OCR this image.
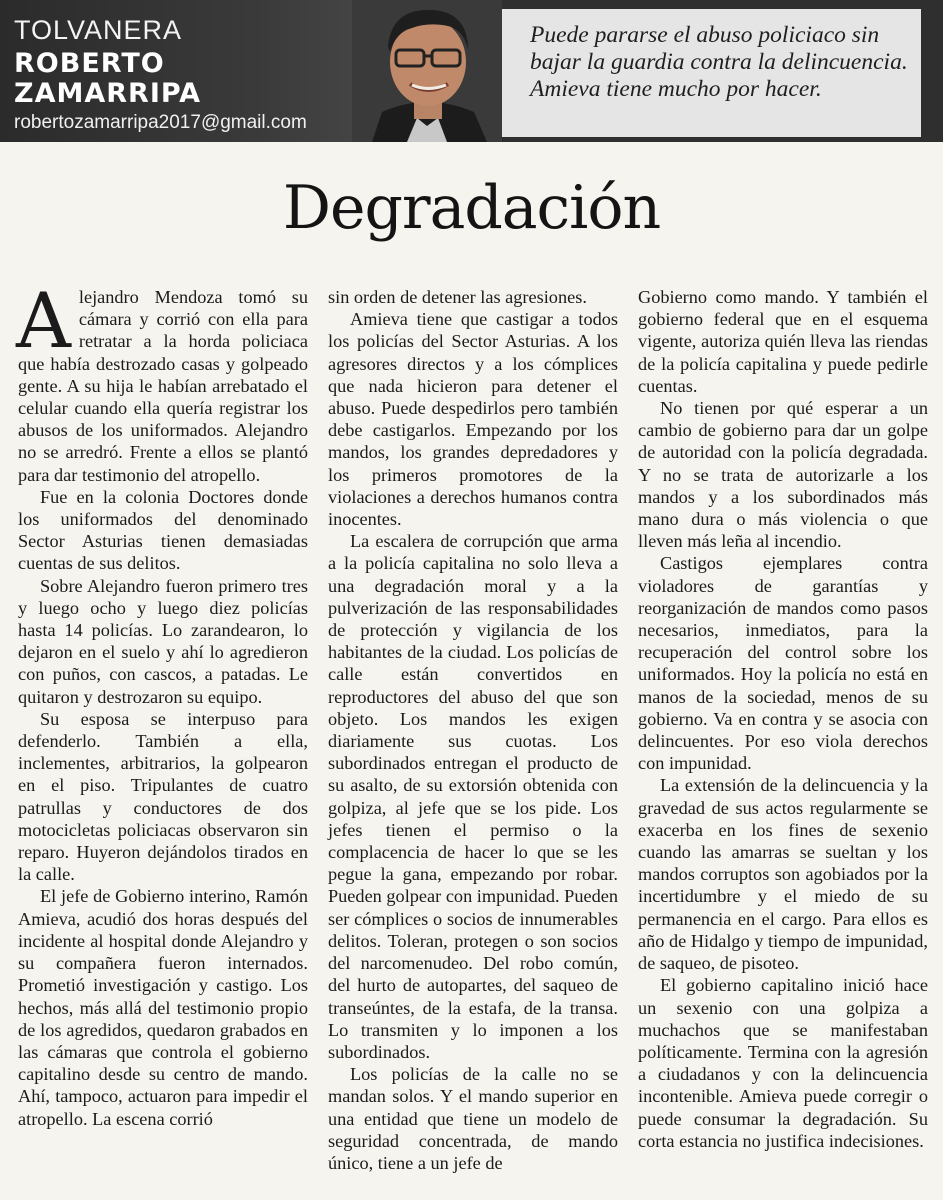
TOLVANERA
ROBERTO
ZAMARRIPA
robertozamarripa2017@gmail.com
Puede pararse el abuso policiaco sin bajar la guardia contra la delincuencia. Amieva tiene mucho por hacer.
Degradación

Alejandro Mendoza tomó su cámara y corrió con ella para retratar a la horda policiaca que había destrozado casas y golpeado gente. A su hija le habían arrebatado el celular cuando ella quería registrar los abusos de los uniformados. Alejandro no se arredró. Frente a ellos se plantó para dar testimonio del atropello.

Fue en la colonia Doctores donde los uniformados del denominado Sector Asturias tienen demasiadas cuentas de sus delitos.

Sobre Alejandro fueron primero tres y luego ocho y luego diez policías hasta 14 policías. Lo zarandearon, lo dejaron en el suelo y ahí lo agredieron con puños, con cascos, a patadas. Le quitaron y destrozaron su equipo.

Su esposa se interpuso para defenderlo. También a ella, inclementes, arbitrarios, la golpearon en el piso. Tripulantes de cuatro patrullas y conductores de dos motocicletas policiacas observaron sin reparo. Huyeron dejándolos tirados en la calle.

El jefe de Gobierno interino, Ramón Amieva, acudió dos horas después del incidente al hospital donde Alejandro y su compañera fueron internados. Prometió investigación y castigo. Los hechos, más allá del testimonio propio de los agredidos, quedaron grabados en las cámaras que controla el gobierno capitalino desde su centro de mando. Ahí, tampoco, actuaron para impedir el atropello. La escena corrió

sin orden de detener las agresiones.

Amieva tiene que castigar a todos los policías del Sector Asturias. A los agresores directos y a los cómplices que nada hicieron para detener el abuso. Puede despedirlos pero también debe castigarlos. Empezando por los mandos, los grandes depredadores y los primeros promotores de la violaciones a derechos humanos contra inocentes.

La escalera de corrupción que arma a la policía capitalina no solo lleva a una degradación moral y a la pulverización de las responsabilidades de protección y vigilancia de los habitantes de la ciudad. Los policías de calle están convertidos en reproductores del abuso del que son objeto. Los mandos les exigen diariamente sus cuotas. Los subordinados entregan el producto de su asalto, de su extorsión obtenida con golpiza, al jefe que se los pide. Los jefes tienen el permiso o la complacencia de hacer lo que se les pegue la gana, empezando por robar. Pueden golpear con impunidad. Pueden ser cómplices o socios de innumerables delitos. Toleran, protegen o son socios del narcomenudeo. Del robo común, del hurto de autopartes, del saqueo de transeúntes, de la estafa, de la transa. Lo transmiten y lo imponen a los subordinados.

Los policías de la calle no se mandan solos. Y el mando superior en una entidad que tiene un modelo de seguridad concentrada, de mando único, tiene a un jefe de

Gobierno como mando. Y también el gobierno federal que en el esquema vigente, autoriza quién lleva las riendas de la policía capitalina y puede pedirle cuentas.

No tienen por qué esperar a un cambio de gobierno para dar un golpe de autoridad con la policía degradada. Y no se trata de autorizarle a los mandos y a los subordinados más mano dura o más violencia o que lleven más leña al incendio.

Castigos ejemplares contra violadores de garantías y reorganización de mandos como pasos necesarios, inmediatos, para la recuperación del control sobre los uniformados. Hoy la policía no está en manos de la sociedad, menos de su gobierno. Va en contra y se asocia con delincuentes. Por eso viola derechos con impunidad.

La extensión de la delincuencia y la gravedad de sus actos regularmente se exacerba en los fines de sexenio cuando las amarras se sueltan y los mandos corruptos son agobiados por la incertidumbre y el miedo de su permanencia en el cargo. Para ellos es año de Hidalgo y tiempo de impunidad, de saqueo, de pisoteo.

El gobierno capitalino inició hace un sexenio con una golpiza a muchachos que se manifestaban políticamente. Termina con la agresión a ciudadanos y con la delincuencia incontenible. Amieva puede corregir o puede consumar la degradación. Su corta estancia no justifica indecisiones.
